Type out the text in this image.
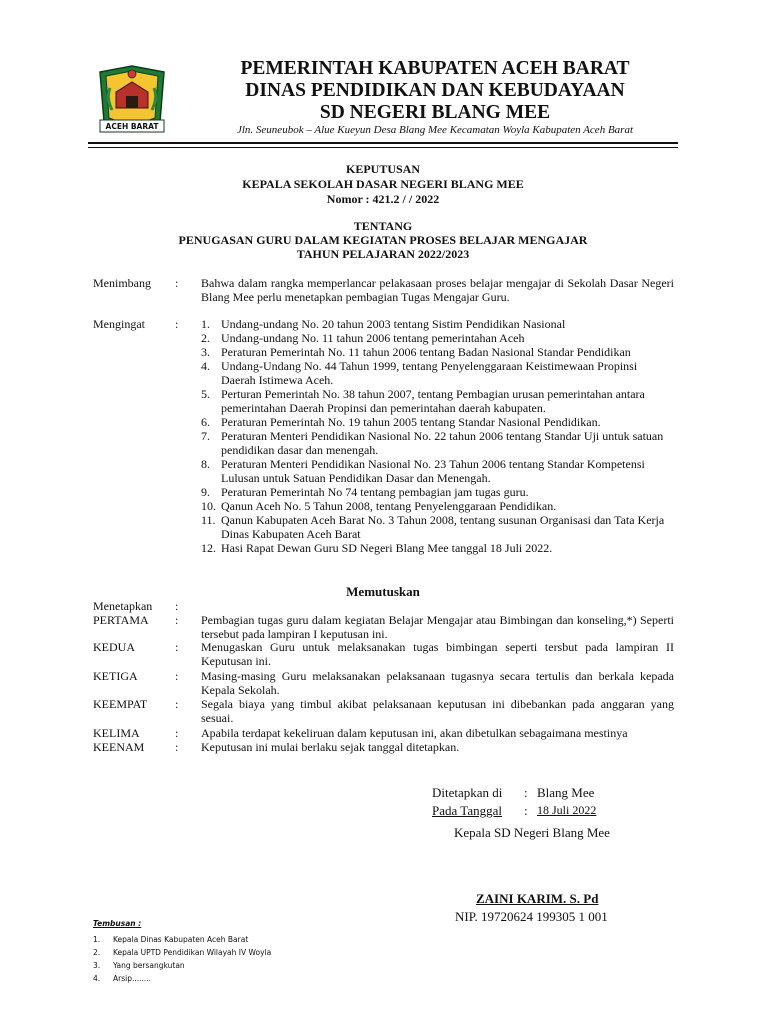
ACEH BARAT
PEMERINTAH KABUPATEN ACEH BARAT
DINAS PENDIDIKAN DAN KEBUDAYAAN
SD NEGERI BLANG MEE
Jln. Seuneubok – Alue Kueyun Desa Blang Mee Kecamatan Woyla Kabupaten Aceh Barat
KEPUTUSAN
KEPALA SEKOLAH DASAR NEGERI BLANG MEE
Nomor : 421.2 / / 2022
TENTANG
PENUGASAN GURU DALAM KEGIATAN PROSES BELAJAR MENGAJAR
TAHUN PELAJARAN 2022/2023
Menimbang : Bahwa dalam rangka memperlancar pelakasaan proses belajar mengajar di Sekolah Dasar Negeri Blang Mee perlu menetapkan pembagian Tugas Mengajar Guru.
Mengingat	: 1. Undang-undang No. 20 tahun 2003 tentang Sistim Pendidikan Nasional
2. Undang-undang No. 11 tahun 2006 tentang pemerintahan Aceh
3. Peraturan Pemerintah No. 11 tahun 2006 tentang Badan Nasional Standar Pendidikan
4. Undang-Undang No. 44 Tahun 1999, tentang Penyelenggaraan Keistimewaan Propinsi Daerah Istimewa Aceh.
5. Perturan Pemerintah No. 38 tahun 2007, tentang Pembagian urusan pemerintahan antara pemerintahan Daerah Propinsi dan pemerintahan daerah kabupaten.
6. Peraturan Pemerintah No. 19 tahun 2005 tentang Standar Nasional Pendidikan.
7. Peraturan Menteri Pendidikan Nasional No. 22 tahun 2006 tentang Standar Uji untuk satuan pendidikan dasar dan menengah.
8. Peraturan Menteri Pendidikan Nasional No. 23 Tahun 2006 tentang Standar Kompetensi Lulusan untuk Satuan Pendidikan Dasar dan Menengah.
9. Peraturan Pemerintah No 74 tentang pembagian jam tugas guru.
10. Qanun Aceh No. 5 Tahun 2008, tentang Penyelenggaraan Pendidikan.
11. Qanun Kabupaten Aceh Barat No. 3 Tahun 2008, tentang susunan Organisasi dan Tata Kerja Dinas Kabupaten Aceh Barat
12. Hasi Rapat Dewan Guru SD Negeri Blang Mee tanggal 18 Juli 2022.
Memutuskan
Menetapkan :
PERTAMA : Pembagian tugas guru dalam kegiatan Belajar Mengajar atau Bimbingan dan konseling,*) Seperti tersebut pada lampiran I keputusan ini.
KEDUA	: Menugaskan Guru untuk melaksanakan tugas bimbingan seperti tersbut pada lampiran II Keputusan ini.
KETIGA	: Masing-masing Guru melaksanakan pelaksanaan tugasnya secara tertulis dan berkala kepada Kepala Sekolah.
KEEMPAT : Segala biaya yang timbul akibat pelaksanaan keputusan ini dibebankan pada anggaran yang sesuai.
KELIMA	: Apabila terdapat kekeliruan dalam keputusan ini, akan dibetulkan sebagaimana mestinya
KEENAM	: Keputusan ini mulai berlaku sejak tanggal ditetapkan.
Ditetapkan di : Blang Mee
Pada Tanggal : 18 Juli 2022
Kepala SD Negeri Blang Mee
ZAINI KARIM. S. Pd
NIP. 19720624 199305 1 001
Tembusan :
1. Kepala Dinas Kabupaten Aceh Barat
2. Kepala UPTD Pendidikan Wilayah IV Woyla
3. Yang bersangkutan
4. Arsip........
